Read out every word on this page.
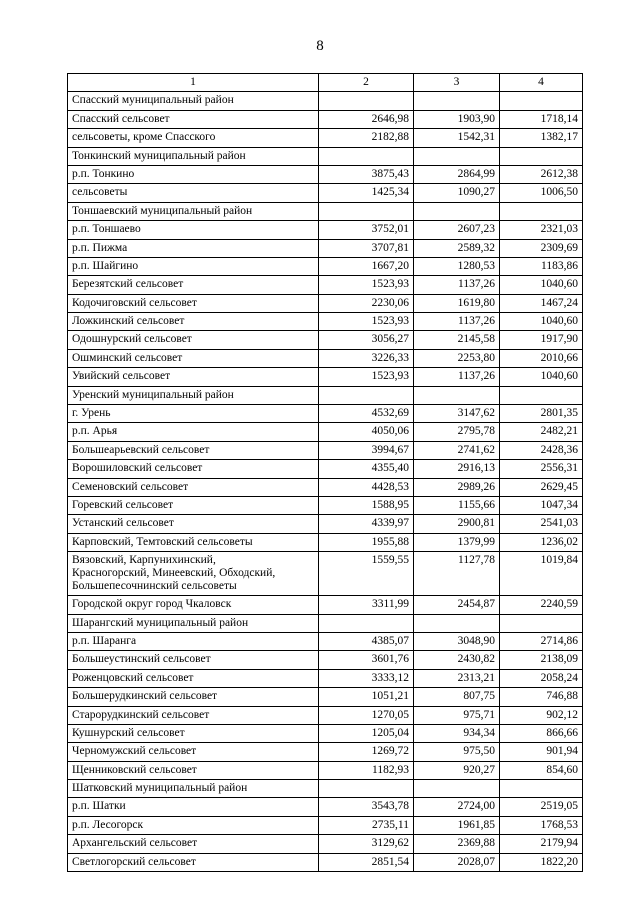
8
1	2	3	4
Спасский муниципальный район			
Спасский сельсовет	2646,98	1903,90	1718,14
сельсоветы, кроме Спасского	2182,88	1542,31	1382,17
Тонкинский муниципальный район			
р.п. Тонкино	3875,43	2864,99	2612,38
сельсоветы	1425,34	1090,27	1006,50
Тоншаевский муниципальный район			
р.п. Тоншаево	3752,01	2607,23	2321,03
р.п. Пижма	3707,81	2589,32	2309,69
р.п. Шайгино	1667,20	1280,53	1183,86
Березятский сельсовет	1523,93	1137,26	1040,60
Кодочиговский сельсовет	2230,06	1619,80	1467,24
Ложкинский сельсовет	1523,93	1137,26	1040,60
Одошнурский сельсовет	3056,27	2145,58	1917,90
Ошминский сельсовет	3226,33	2253,80	2010,66
Увийский сельсовет	1523,93	1137,26	1040,60
Уренский муниципальный район			
г. Урень	4532,69	3147,62	2801,35
р.п. Арья	4050,06	2795,78	2482,21
Большеарьевский сельсовет	3994,67	2741,62	2428,36
Ворошиловский сельсовет	4355,40	2916,13	2556,31
Семеновский сельсовет	4428,53	2989,26	2629,45
Горевский сельсовет	1588,95	1155,66	1047,34
Устанский сельсовет	4339,97	2900,81	2541,03
Карповский, Темтовский сельсоветы	1955,88	1379,99	1236,02
Вязовский, Карпунихинский,
Красногорский, Минеевский, Обходский,
Большепесочнинский сельсоветы	1559,55	1127,78	1019,84
Городской округ город Чкаловск	3311,99	2454,87	2240,59
Шарангский муниципальный район			
р.п. Шаранга	4385,07	3048,90	2714,86
Большеустинский сельсовет	3601,76	2430,82	2138,09
Роженцовский сельсовет	3333,12	2313,21	2058,24
Большерудкинский сельсовет	1051,21	807,75	746,88
Старорудкинский сельсовет	1270,05	975,71	902,12
Кушнурский сельсовет	1205,04	934,34	866,66
Черномужский сельсовет	1269,72	975,50	901,94
Щенниковский сельсовет	1182,93	920,27	854,60
Шатковский муниципальный район			
р.п. Шатки	3543,78	2724,00	2519,05
р.п. Лесогорск	2735,11	1961,85	1768,53
Архангельский сельсовет	3129,62	2369,88	2179,94
Светлогорский сельсовет	2851,54	2028,07	1822,20
